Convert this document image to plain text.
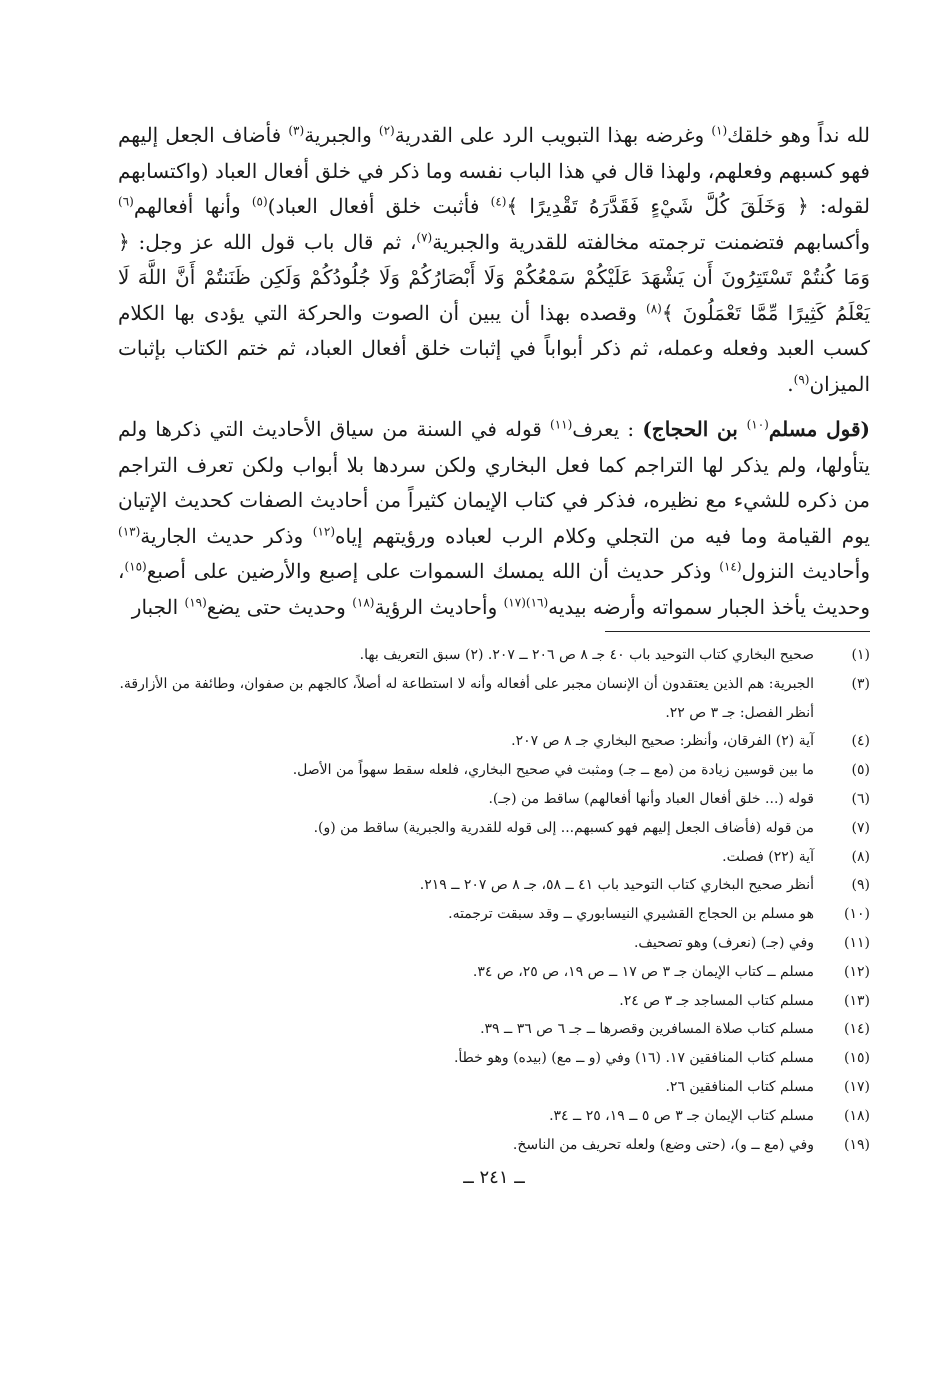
لله نداً وهو خلقك$^{(١)}$ وغرضه بهذا التبويب الرد على القدرية$^{(٢)}$ والجبرية$^{(٣)}$ فأضاف الجعل إليهم فهو كسبهم وفعلهم، ولهذا قال في هذا الباب نفسه وما ذكر في خلق أفعال العباد (واكتسابهم لقوله: ﴿ وَخَلَقَ كُلَّ شَيْءٍ فَقَدَّرَهُ تَقْدِيرًا ﴾$^{(٤)}$ فأثبت خلق أفعال العباد)$^{(٥)}$ وأنها أفعالهم$^{(٦)}$ وأكسابهم فتضمنت ترجمته مخالفته للقدرية والجبرية$^{(٧)}$، ثم قال باب قول الله عز وجل: ﴿ وَمَا كُنتُمْ تَسْتَتِرُونَ أَن يَشْهَدَ عَلَيْكُمْ سَمْعُكُمْ وَلَا أَبْصَارُكُمْ وَلَا جُلُودُكُمْ وَلَكِن ظَنَنتُمْ أَنَّ اللَّهَ لَا يَعْلَمُ كَثِيرًا مِّمَّا تَعْمَلُونَ ﴾$^{(٨)}$ وقصده بهذا أن يبين أن الصوت والحركة التي يؤدى بها الكلام كسب العبد وفعله وعمله، ثم ذكر أبواباً في إثبات خلق أفعال العباد، ثم ختم الكتاب بإثبات الميزان$^{(٩)}$.

(قول مسلم$^{(١٠)}$ بن الحجاج) : يعرف$^{(١١)}$ قوله في السنة من سياق الأحاديث التي ذكرها ولم يتأولها، ولم يذكر لها التراجم كما فعل البخاري ولكن سردها بلا أبواب ولكن تعرف التراجم من ذكره للشيء مع نظيره، فذكر في كتاب الإيمان كثيراً من أحاديث الصفات كحديث الإتيان يوم القيامة وما فيه من التجلي وكلام الرب لعباده ورؤيتهم إياه$^{(١٢)}$ وذكر حديث الجارية$^{(١٣)}$ وأحاديث النزول$^{(١٤)}$ وذكر حديث أن الله يمسك السموات على إصبع والأرضين على أصبع$^{(١٥)}$، وحديث يأخذ الجبار سمواته وأرضه بيديه$^{(١٦)(١٧)}$ وأحاديث الرؤية$^{(١٨)}$ وحديث حتى يضع$^{(١٩)}$ الجبار

(١)
صحيح البخاري كتاب التوحيد باب ٤٠ جـ ٨ ص ٢٠٦ ــ ٢٠٧. (٢) سبق التعريف بها.
(٣)
الجبرية: هم الذين يعتقدون أن الإنسان مجبر على أفعاله وأنه لا استطاعة له أصلاً، كالجهم بن صفوان، وطائفة من الأزارقة. أنظر الفصل: جـ ٣ ص ٢٢.
(٤)
آية (٢) الفرقان، وأنظر: صحيح البخاري جـ ٨ ص ٢٠٧.
(٥)
ما بين قوسين زيادة من (مع ــ جـ) ومثبت في صحيح البخاري، فلعله سقط سهواً من الأصل.
(٦)
قوله (... خلق أفعال العباد وأنها أفعالهم) ساقط من (جـ).
(٧)
من قوله (فأضاف الجعل إليهم فهو كسبهم... إلى قوله للقدرية والجبرية) ساقط من (و).
(٨)
آية (٢٢) فصلت.
(٩)
أنظر صحيح البخاري كتاب التوحيد باب ٤١ ــ ٥٨، جـ ٨ ص ٢٠٧ ــ ٢١٩.
(١٠)
هو مسلم بن الحجاج القشيري النيسابوري ــ وقد سبقت ترجمته.
(١١)
وفي (جـ) (نعرف) وهو تصحيف.
(١٢)
مسلم ــ كتاب الإيمان جـ ٣ ص ١٧ ــ ص ١٩، ص ٢٥، ص ٣٤.
(١٣)
مسلم كتاب المساجد جـ ٣ ص ٢٤.
(١٤)
مسلم كتاب صلاة المسافرين وقصرها ــ جـ ٦ ص ٣٦ ــ ٣٩.
(١٥)
مسلم كتاب المنافقين ١٧. (١٦) وفي (و ــ مع) (بيده) وهو خطأ.
(١٧)
مسلم كتاب المنافقين ٢٦.
(١٨)
مسلم كتاب الإيمان جـ ٣ ص ٥ ــ ١٩، ٢٥ ــ ٣٤.
(١٩)
وفي (مع ــ و)، (حتى وضع) ولعله تحريف من الناسخ.
ــ ٢٤١ ــ
